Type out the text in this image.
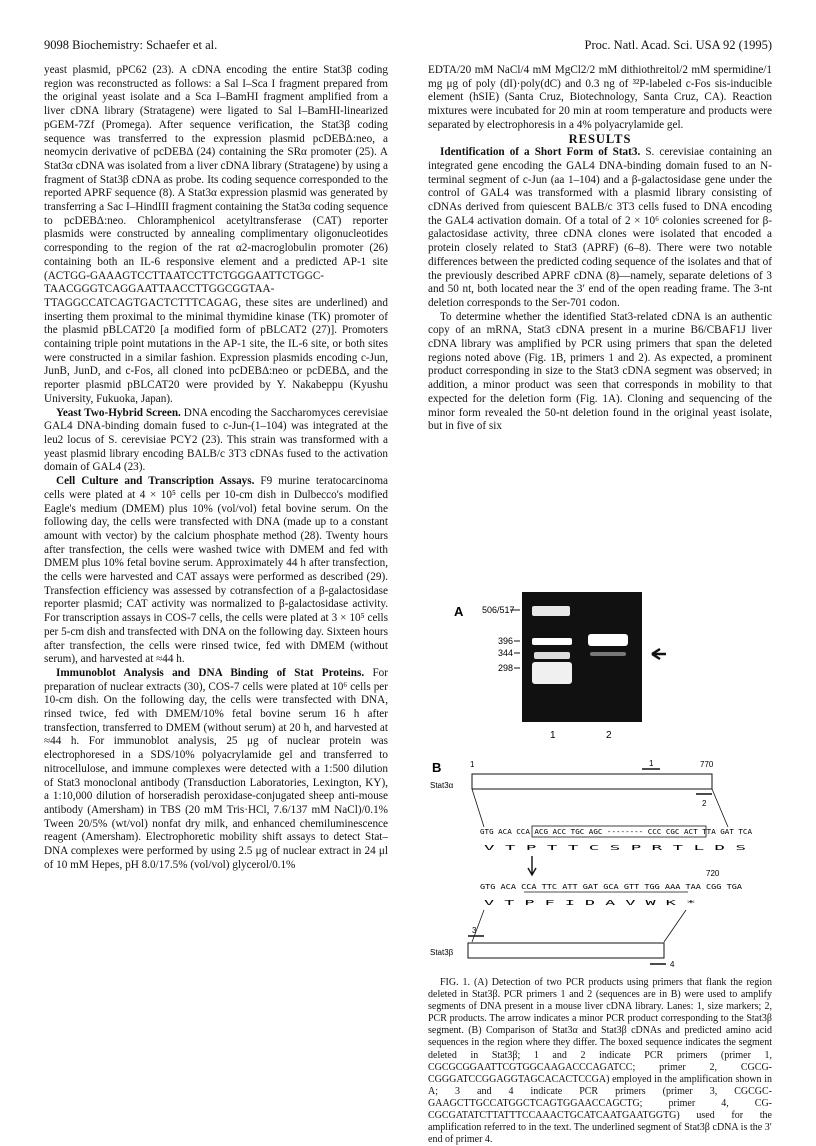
9098 Biochemistry: Schaefer et al.	Proc. Natl. Acad. Sci. USA 92 (1995)

yeast plasmid, pPC62 (23). A cDNA encoding the entire Stat3β coding region was reconstructed as follows: a Sal I–Sca I fragment prepared from the original yeast isolate and a Sca I–BamHI fragment amplified from a liver cDNA library (Stratagene) were ligated to Sal I–BamHI-linearized pGEM-7Zf (Promega). After sequence verification, the Stat3β coding sequence was transferred to the expression plasmid pcDEBΔ:neo, a neomycin derivative of pcDEBΔ (24) containing the SRα promoter (25). A Stat3α cDNA was isolated from a liver cDNA library (Stratagene) by using a fragment of Stat3β cDNA as probe. Its coding sequence corresponded to the reported APRF sequence (8). A Stat3α expression plasmid was generated by transferring a Sac I–HindIII fragment containing the Stat3α coding sequence to pcDEBΔ:neo. Chloramphenicol acetyltransferase (CAT) reporter plasmids were constructed by annealing complimentary oligonucleotides corresponding to the region of the rat α2-macroglobulin promoter (26) containing both an IL-6 responsive element and a predicted AP-1 site (ACTGG-GAAAGTCCTTAATCCTTCTGGGAATTCTGGC-TAACGGGTCAGGAATTAACCTTGGCGGTAA-TTAGGCCATCAGTGACTCTTTCAGAG, these sites are underlined) and inserting them proximal to the minimal thymidine kinase (TK) promoter of the plasmid pBLCAT20 [a modified form of pBLCAT2 (27)]. Promoters containing triple point mutations in the AP-1 site, the IL-6 site, or both sites were constructed in a similar fashion. Expression plasmids encoding c-Jun, JunB, JunD, and c-Fos, all cloned into pcDEBΔ:neo or pcDEBΔ, and the reporter plasmid pBLCAT20 were provided by Y. Nakabeppu (Kyushu University, Fukuoka, Japan).

Yeast Two-Hybrid Screen. DNA encoding the Saccharomyces cerevisiae GAL4 DNA-binding domain fused to c-Jun-(1–104) was integrated at the leu2 locus of S. cerevisiae PCY2 (23). This strain was transformed with a yeast plasmid library encoding BALB/c 3T3 cDNAs fused to the activation domain of GAL4 (23).

Cell Culture and Transcription Assays. F9 murine teratocarcinoma cells were plated at 4 × 10⁵ cells per 10-cm dish in Dulbecco's modified Eagle's medium (DMEM) plus 10% (vol/vol) fetal bovine serum. On the following day, the cells were transfected with DNA (made up to a constant amount with vector) by the calcium phosphate method (28). Twenty hours after transfection, the cells were washed twice with DMEM and fed with DMEM plus 10% fetal bovine serum. Approximately 44 h after transfection, the cells were harvested and CAT assays were performed as described (29). Transfection efficiency was assessed by cotransfection of a β-galactosidase reporter plasmid; CAT activity was normalized to β-galactosidase activity. For transcription assays in COS-7 cells, the cells were plated at 3 × 10⁵ cells per 5-cm dish and transfected with DNA on the following day. Sixteen hours after transfection, the cells were rinsed twice, fed with DMEM (without serum), and harvested at ≈44 h.

Immunoblot Analysis and DNA Binding of Stat Proteins. For preparation of nuclear extracts (30), COS-7 cells were plated at 10⁶ cells per 10-cm dish. On the following day, the cells were transfected with DNA, rinsed twice, fed with DMEM/10% fetal bovine serum 16 h after transfection, transferred to DMEM (without serum) at 20 h, and harvested at ≈44 h. For immunoblot analysis, 25 μg of nuclear protein was electrophoresed in a SDS/10% polyacrylamide gel and transferred to nitrocellulose, and immune complexes were detected with a 1:500 dilution of Stat3 monoclonal antibody (Transduction Laboratories, Lexington, KY), a 1:10,000 dilution of horseradish peroxidase-conjugated sheep anti-mouse antibody (Amersham) in TBS (20 mM Tris·HCl, 7.6/137 mM NaCl)/0.1% Tween 20/5% (wt/vol) nonfat dry milk, and enhanced chemiluminescence reagent (Amersham). Electrophoretic mobility shift assays to detect Stat–DNA complexes were performed by using 2.5 μg of nuclear extract in 24 μl of 10 mM Hepes, pH 8.0/17.5% (vol/vol) glycerol/0.1%

EDTA/20 mM NaCl/4 mM MgCl2/2 mM dithiothreitol/2 mM spermidine/1 mg μg of poly (dI)·poly(dC) and 0.3 ng of ³²P-labeled c-Fos sis-inducible element (hSIE) (Santa Cruz, Biotechnology, Santa Cruz, CA). Reaction mixtures were incubated for 20 min at room temperature and products were separated by electrophoresis in a 4% polyacrylamide gel.

RESULTS

Identification of a Short Form of Stat3. S. cerevisiae containing an integrated gene encoding the GAL4 DNA-binding domain fused to an N-terminal segment of c-Jun (aa 1–104) and a β-galactosidase gene under the control of GAL4 was transformed with a plasmid library consisting of cDNAs derived from quiescent BALB/c 3T3 cells fused to DNA encoding the GAL4 activation domain. Of a total of 2 × 10⁶ colonies screened for β-galactosidase activity, three cDNA clones were isolated that encoded a protein closely related to Stat3 (APRF) (6–8). There were two notable differences between the predicted coding sequence of the isolates and that of the previously described APRF cDNA (8)—namely, separate deletions of 3 and 50 nt, both located near the 3′ end of the open reading frame. The 3-nt deletion corresponds to the Ser-701 codon.

To determine whether the identified Stat3-related cDNA is an authentic copy of an mRNA, Stat3 cDNA present in a murine B6/CBAF1J liver cDNA library was amplified by PCR using primers that span the deleted regions noted above (Fig. 1B, primers 1 and 2). As expected, a prominent product corresponding in size to the Stat3 cDNA segment was observed; in addition, a minor product was seen that corresponds in mobility to that expected for the deletion form (Fig. 1A). Cloning and sequencing of the minor form revealed the 50-nt deletion found in the original yeast isolate, but in five of six

A 506/517
396
344
298
1	2
B	1	770
Stat3α
1
2
GTG ACA CCA ACG ACC TGC AGC -------- CCC CGC ACT TTA GAT TCA
V T P T T C S P R T L D S
720
GTG ACA CCA TTC ATT GAT GCA GTT TGG AAA TAA CGG TGA
V T P F I D A V W K *
3
Stat3β
4

FIG. 1. (A) Detection of two PCR products using primers that flank the region deleted in Stat3β. PCR primers 1 and 2 (sequences are in B) were used to amplify segments of DNA present in a mouse liver cDNA library. Lanes: 1, size markers; 2, PCR products. The arrow indicates a minor PCR product corresponding to the Stat3β segment. (B) Comparison of Stat3α and Stat3β cDNAs and predicted amino acid sequences in the region where they differ. The boxed sequence indicates the segment deleted in Stat3β; 1 and 2 indicate PCR primers (primer 1, CGCGCGGAATTCGTGGCAAGACCCAGATCC; primer 2, CGCG-CGGGATCCGGAGGTAGCACACTCCGA) employed in the amplification shown in A; 3 and 4 indicate PCR primers (primer 3, CGCGC-GAAGCTTGCCATGGCTCAGTGGAACCAGCTG; primer 4, CG-CGCGATATCTTATTTCCAAACTGCATCAATGAATGGTG) used for the amplification referred to in the text. The underlined segment of Stat3β cDNA is the 3′ end of primer 4.
